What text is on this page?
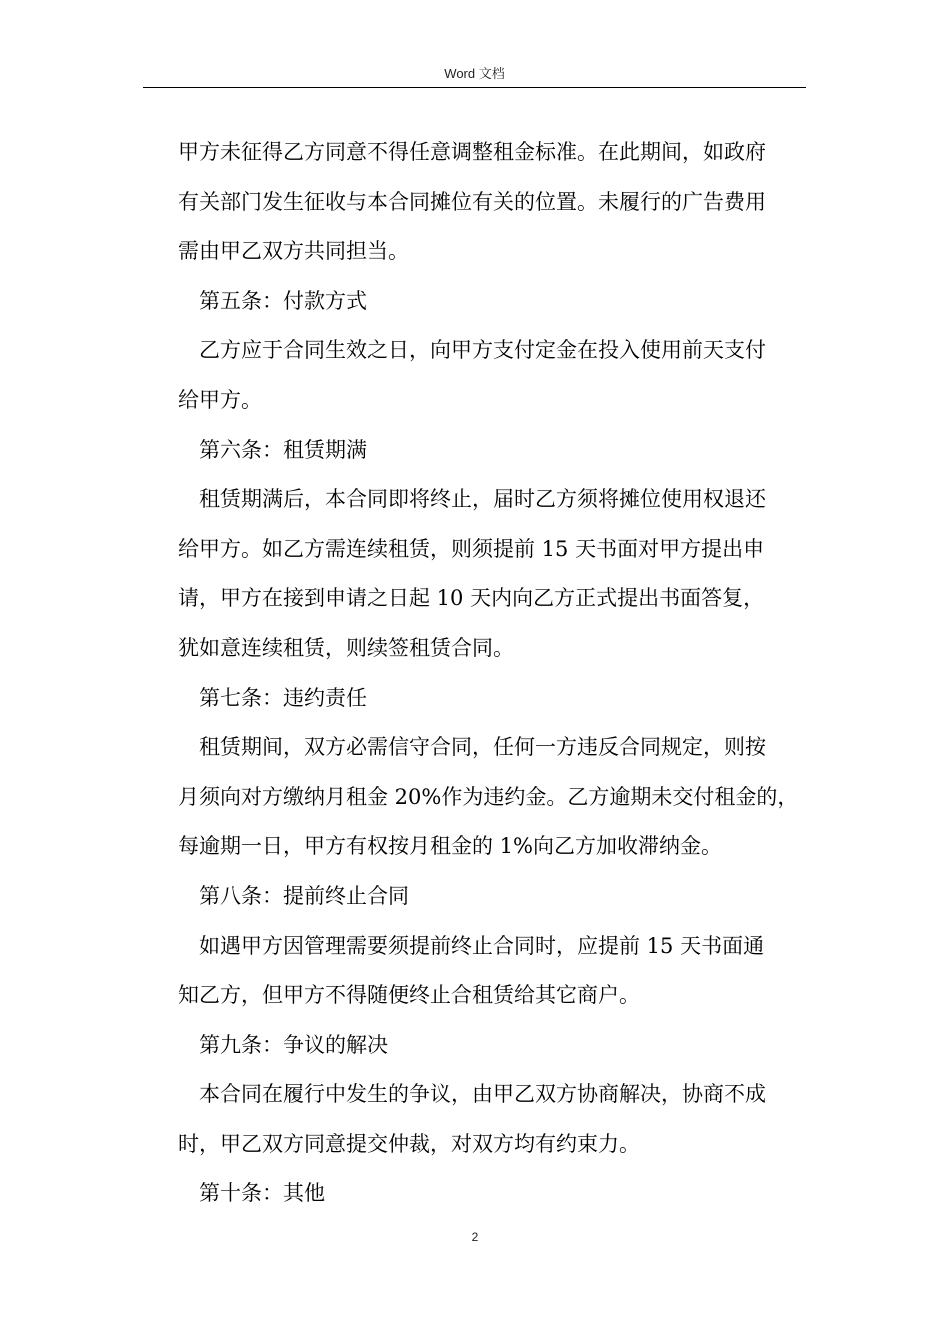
Word 文档
甲方未征得乙方同意不得任意调整租金标准。在此期间，如政府
有关部门发生征收与本合同摊位有关的位置。未履行的广告费用
需由甲乙双方共同担当。
第五条：付款方式
乙方应于合同生效之日，向甲方支付定金在投入使用前天支付
给甲方。
第六条：租赁期满
租赁期满后，本合同即将终止，届时乙方须将摊位使用权退还
给甲方。如乙方需连续租赁，则须提前 15 天书面对甲方提出申
请，甲方在接到申请之日起 10 天内向乙方正式提出书面答复，
犹如意连续租赁，则续签租赁合同。
第七条：违约责任
租赁期间，双方必需信守合同，任何一方违反合同规定，则按
月须向对方缴纳月租金 20%作为违约金。乙方逾期未交付租金的，
每逾期一日，甲方有权按月租金的 1%向乙方加收滞纳金。
第八条：提前终止合同
如遇甲方因管理需要须提前终止合同时，应提前 15 天书面通
知乙方，但甲方不得随便终止合租赁给其它商户。
第九条：争议的解决
本合同在履行中发生的争议，由甲乙双方协商解决，协商不成
时，甲乙双方同意提交仲裁，对双方均有约束力。
第十条：其他
2
